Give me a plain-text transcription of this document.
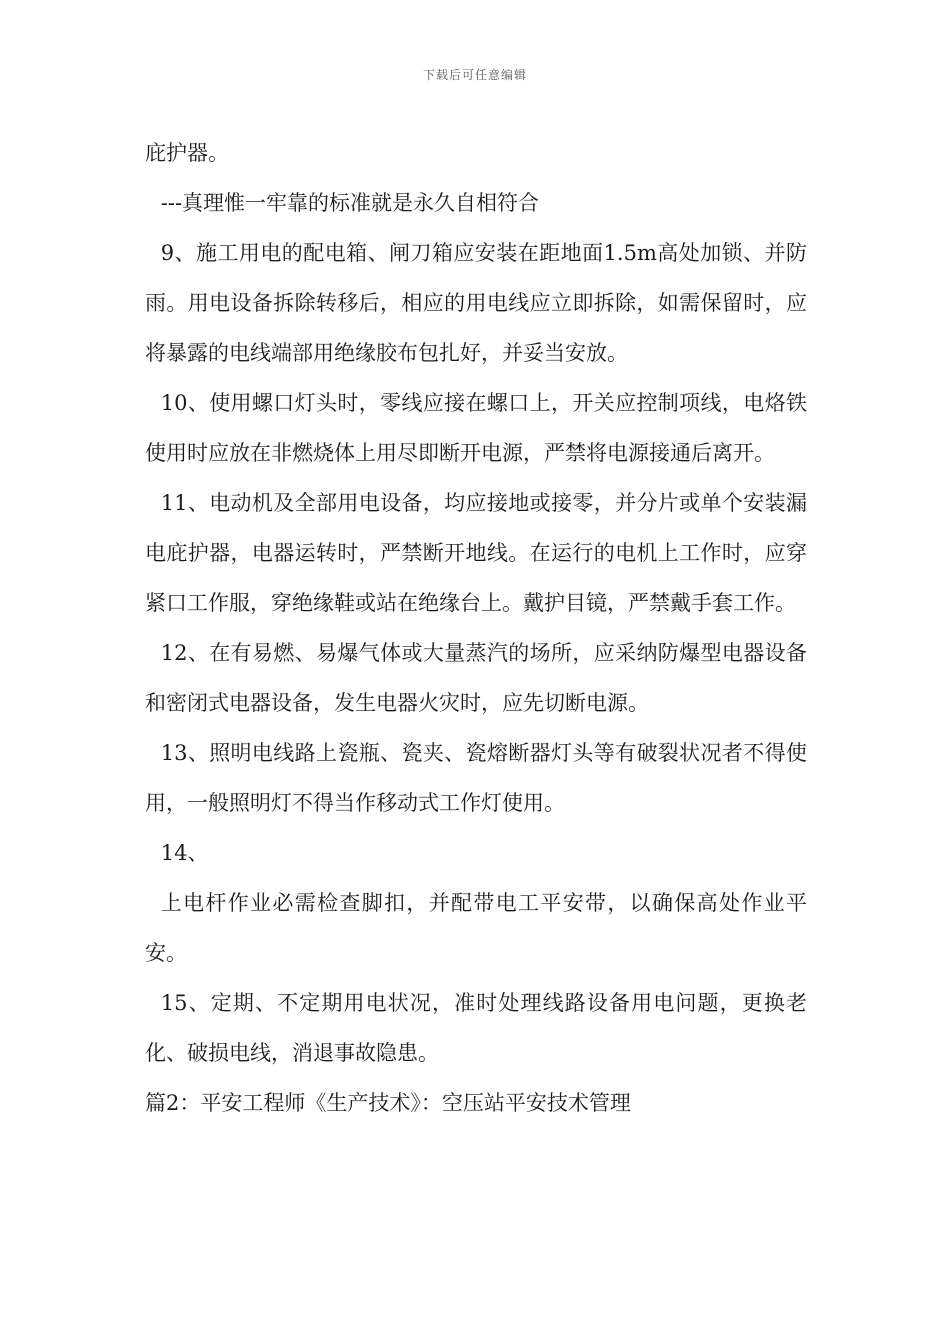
下载后可任意编辑

庇护器。

---真理惟一牢靠的标准就是永久自相符合

9、施工用电的配电箱、闸刀箱应安装在距地面1.5m高处加锁、并防雨。用电设备拆除转移后，相应的用电线应立即拆除，如需保留时，应将暴露的电线端部用绝缘胶布包扎好，并妥当安放。

10、使用螺口灯头时，零线应接在螺口上，开关应控制项线，电烙铁使用时应放在非燃烧体上用尽即断开电源，严禁将电源接通后离开。

11、电动机及全部用电设备，均应接地或接零，并分片或单个安装漏电庇护器，电器运转时，严禁断开地线。在运行的电机上工作时，应穿紧口工作服，穿绝缘鞋或站在绝缘台上。戴护目镜，严禁戴手套工作。

12、在有易燃、易爆气体或大量蒸汽的场所，应采纳防爆型电器设备和密闭式电器设备，发生电器火灾时，应先切断电源。

13、照明电线路上瓷瓶、瓷夹、瓷熔断器灯头等有破裂状况者不得使用，一般照明灯不得当作移动式工作灯使用。

14、

上电杆作业必需检查脚扣，并配带电工平安带，以确保高处作业平安。

15、定期、不定期用电状况，准时处理线路设备用电问题，更换老化、破损电线，消退事故隐患。

篇2：平安工程师《生产技术》：空压站平安技术管理
